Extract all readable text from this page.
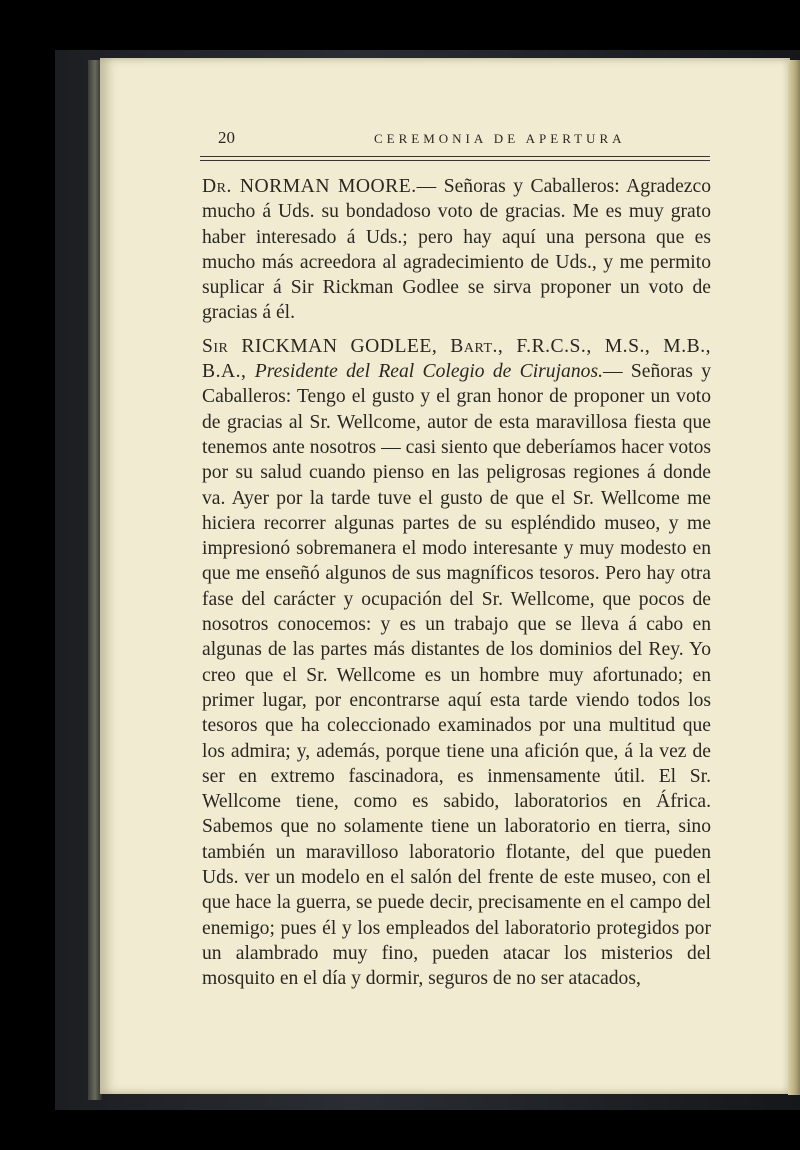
20	CEREMONIA DE APERTURA

Dr. NORMAN MOORE.— Señoras y Caballeros: Agradezco mucho á Uds. su bondadoso voto de gracias. Me es muy grato haber interesado á Uds.; pero hay aquí una persona que es mucho más acreedora al agradecimiento de Uds., y me permito suplicar á Sir Rickman Godlee se sirva proponer un voto de gracias á él.

Sir RICKMAN GODLEE, Bart., F.R.C.S., M.S., M.B., B.A., Presidente del Real Colegio de Cirujanos.— Señoras y Caballeros: Tengo el gusto y el gran honor de proponer un voto de gracias al Sr. Wellcome, autor de esta maravillosa fiesta que tenemos ante nosotros — casi siento que deberíamos hacer votos por su salud cuando pienso en las peligrosas regiones á donde va. Ayer por la tarde tuve el gusto de que el Sr. Wellcome me hiciera recorrer algunas partes de su espléndido museo, y me impresionó sobremanera el modo interesante y muy modesto en que me enseñó algunos de sus magníficos tesoros. Pero hay otra fase del carácter y ocupación del Sr. Wellcome, que pocos de nosotros conocemos: y es un trabajo que se lleva á cabo en algunas de las partes más distantes de los dominios del Rey. Yo creo que el Sr. Wellcome es un hombre muy afortunado; en primer lugar, por encontrarse aquí esta tarde viendo todos los tesoros que ha coleccionado examinados por una multitud que los admira; y, además, porque tiene una afición que, á la vez de ser en extremo fascinadora, es inmensamente útil. El Sr. Wellcome tiene, como es sabido, laboratorios en África. Sabemos que no solamente tiene un laboratorio en tierra, sino también un maravilloso laboratorio flotante, del que pueden Uds. ver un modelo en el salón del frente de este museo, con el que hace la guerra, se puede decir, precisamente en el campo del enemigo; pues él y los empleados del laboratorio protegidos por un alambrado muy fino, pueden atacar los misterios del mosquito en el día y dormir, seguros de no ser atacados,
